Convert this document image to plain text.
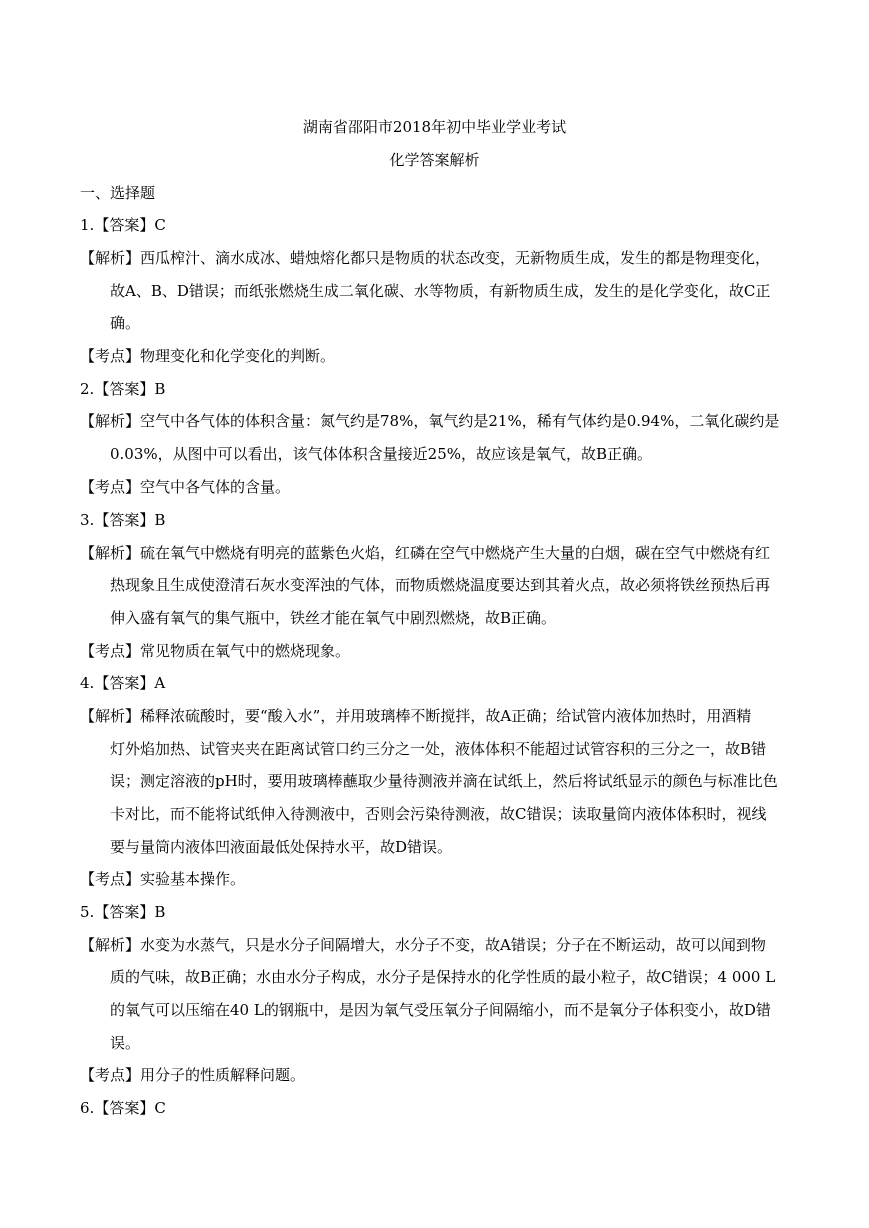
湖南省邵阳市2018年初中毕业学业考试
化学答案解析
一、选择题
1.【答案】C
【解析】西瓜榨汁、滴水成冰、蜡烛熔化都只是物质的状态改变，无新物质生成，发生的都是物理变化，
故A、B、D错误；而纸张燃烧生成二氧化碳、水等物质，有新物质生成，发生的是化学变化，故C正
确。
【考点】物理变化和化学变化的判断。
2.【答案】B
【解析】空气中各气体的体积含量：氮气约是78%，氧气约是21%，稀有气体约是0.94%，二氧化碳约是
0.03%，从图中可以看出，该气体体积含量接近25%，故应该是氧气，故B正确。
【考点】空气中各气体的含量。
3.【答案】B
【解析】硫在氧气中燃烧有明亮的蓝紫色火焰，红磷在空气中燃烧产生大量的白烟，碳在空气中燃烧有红
热现象且生成使澄清石灰水变浑浊的气体，而物质燃烧温度要达到其着火点，故必须将铁丝预热后再
伸入盛有氧气的集气瓶中，铁丝才能在氧气中剧烈燃烧，故B正确。
【考点】常见物质在氧气中的燃烧现象。
4.【答案】A
【解析】稀释浓硫酸时，要“酸入水”，并用玻璃棒不断搅拌，故A正确；给试管内液体加热时，用酒精
灯外焰加热、试管夹夹在距离试管口约三分之一处，液体体积不能超过试管容积的三分之一，故B错
误；测定溶液的pH时，要用玻璃棒蘸取少量待测液并滴在试纸上，然后将试纸显示的颜色与标准比色
卡对比，而不能将试纸伸入待测液中，否则会污染待测液，故C错误；读取量筒内液体体积时，视线
要与量筒内液体凹液面最低处保持水平，故D错误。
【考点】实验基本操作。
5.【答案】B
【解析】水变为水蒸气，只是水分子间隔增大，水分子不变，故A错误；分子在不断运动，故可以闻到物
质的气味，故B正确；水由水分子构成，水分子是保持水的化学性质的最小粒子，故C错误；4 000 L
的氧气可以压缩在40 L的钢瓶中，是因为氧气受压氧分子间隔缩小，而不是氧分子体积变小，故D错
误。
【考点】用分子的性质解释问题。
6.【答案】C
